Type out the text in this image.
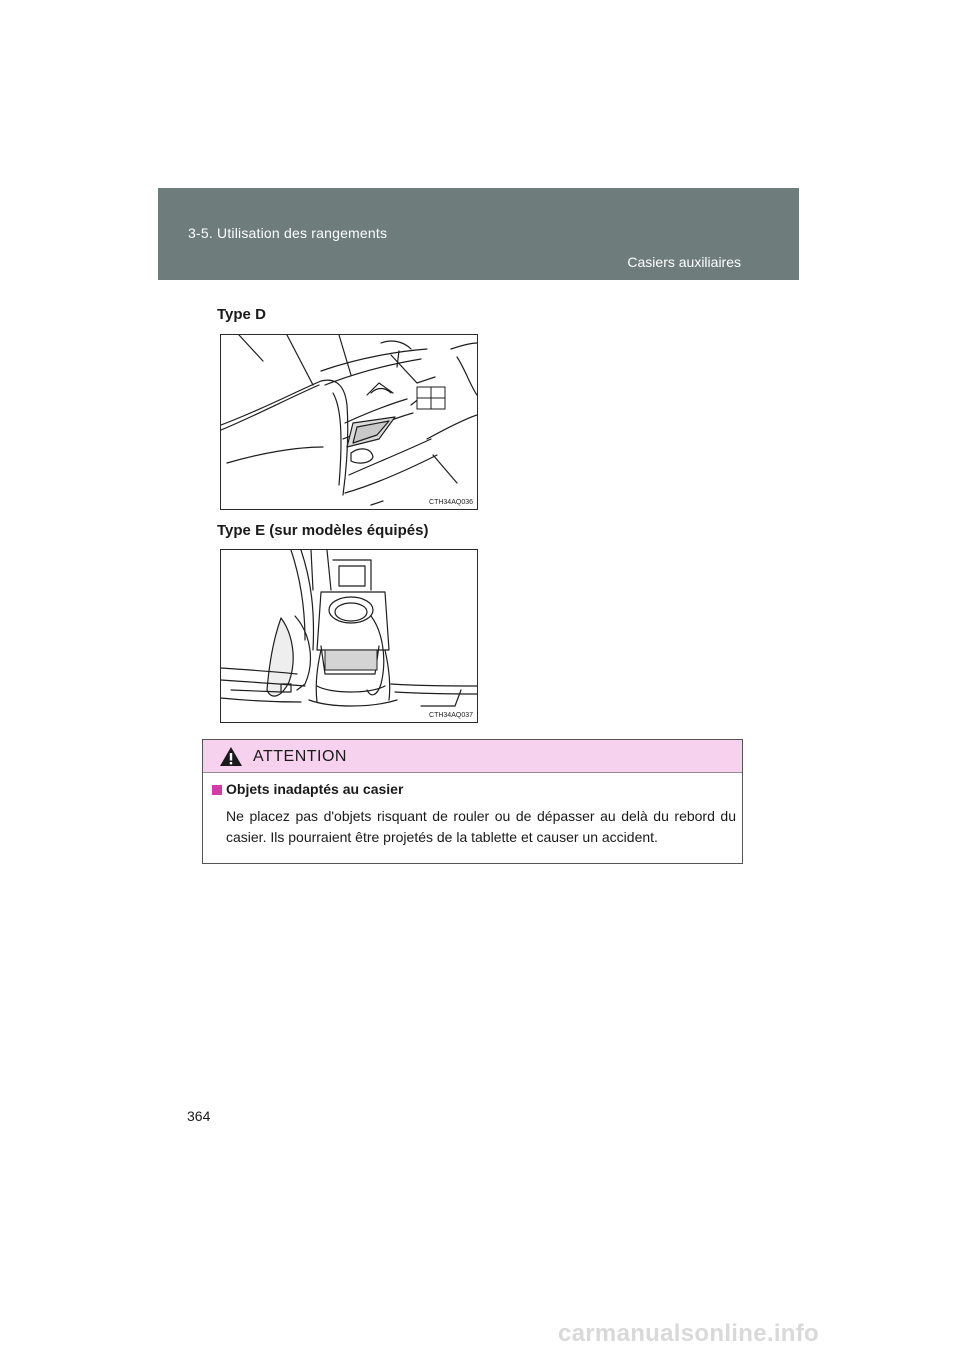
3-5. Utilisation des rangements
Casiers auxiliaires
Type D
CTH34AQ036
Type E (sur modèles équipés)
CTH34AQ037
ATTENTION
Objets inadaptés au casier
Ne placez pas d'objets risquant de rouler ou de dépasser au delà du rebord du casier. Ils pourraient être projetés de la tablette et causer un accident.
364
carmanualsonline.info
